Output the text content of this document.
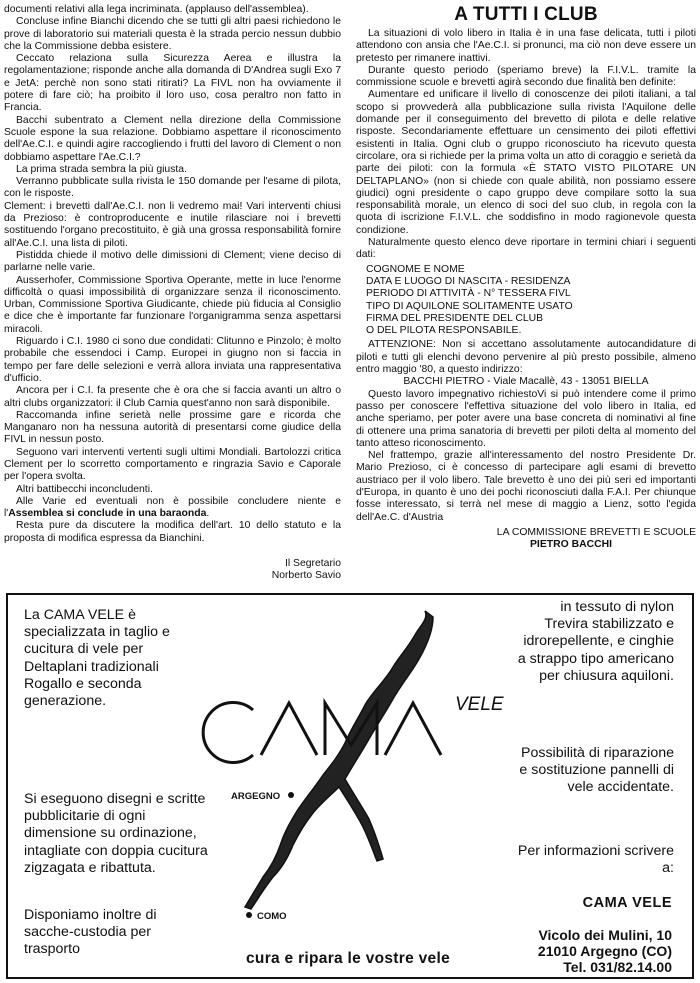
documenti relativi alla lega incriminata. (applauso dell'assemblea).

Concluse infine Bianchi dicendo che se tutti gli altri paesi richiedono le prove di laboratorio sui materiali questa è la strada percio nessun dubbio che la Commissione debba esistere.

Ceccato relaziona sulla Sicurezza Aerea e illustra la regolamentazione; risponde anche alla domanda di D'Andrea sugli Exo 7 e JetA: perchè non sono stati ritirati? La FIVL non ha ovviamente il potere di fare ciò; ha proibito il loro uso, cosa peraltro non fatto in Francia.

Bacchi subentrato a Clement nella direzione della Commissione Scuole espone la sua relazione. Dobbiamo aspettare il riconoscimento dell'Ae.C.I. e quindi agire raccogliendo i frutti del lavoro di Clement o non dobbiamo aspettare l'Ae.C.I.?

La prima strada sembra la più giusta.

Verranno pubblicate sulla rivista le 150 domande per l'esame di pilota, con le risposte.

Clement: i brevetti dall'Ae.C.I. non li vedremo mai! Vari interventi chiusi da Prezioso: è controproducente e inutile rilasciare noi i brevetti sostituendo l'organo precostituito, è già una grossa responsabilità fornire all'Ae.C.I. una lista di piloti.

Pistidda chiede il motivo delle dimissioni di Clement; viene deciso di parlarne nelle varie.

Ausserhofer, Commissione Sportiva Operante, mette in luce l'enorme difficoltà o quasi impossibilità di organizzare senza il riconoscimento. Urban, Commissione Sportiva Giudicante, chiede più fiducia al Consiglio e dice che è importante far funzionare l'organigramma senza aspettarsi miracoli.

Riguardo i C.I. 1980 ci sono due condidati: Clitunno e Pinzolo; è molto probabile che essendoci i Camp. Europei in giugno non si faccia in tempo per fare delle selezioni e verrà allora inviata una rappresentativa d'ufficio.

Ancora per i C.I. fa presente che è ora che si faccia avanti un altro o altri clubs organizzatori: il Club Carnia quest'anno non sarà disponibile.

Raccomanda infine serietà nelle prossime gare e ricorda che Manganaro non ha nessuna autorità di presentarsi come giudice della FIVL in nessun posto.

Seguono vari interventi vertenti sugli ultimi Mondiali. Bartolozzi critica Clement per lo scorretto comportamento e ringrazia Savio e Caporale per l'opera svolta.

Altri battibecchi inconcludenti.

Alle Varie ed eventuali non è possibile concludere niente e l'Assemblea si conclude in una baraonda.

Resta pure da discutere la modifica dell'art. 10 dello statuto e la proposta di modifica espressa da Bianchini.

Il Segretario

Norberto Savio

A TUTTI I CLUB

La situazioni di volo libero in Italia è in una fase delicata, tutti i piloti attendono con ansia che l'Ae.C.I. si pronunci, ma ciò non deve essere un pretesto per rimanere inattivi.

Durante questo periodo (speriamo breve) la F.I.V.L. tramite la commissione scuole e brevetti agirà secondo due finalità ben definite:

Aumentare ed unificare il livello di conoscenze dei piloti italiani, a tal scopo si provvederà alla pubblicazione sulla rivista l'Aquilone delle domande per il conseguimento del brevetto di pilota e delle relative risposte. Secondariamente effettuare un censimento dei piloti effettivi esistenti in Italia. Ogni club o gruppo riconosciuto ha ricevuto questa circolare, ora si richiede per la prima volta un atto di coraggio e serietà da parte dei piloti: con la formula «È STATO VISTO PILOTARE UN DELTAPLANO» (non si chiede con quale abilità, non possiamo essere giudici) ogni presidente o capo gruppo deve compilare sotto la sua responsabilità morale, un elenco di soci del suo club, in regola con la quota di iscrizione F.I.V.L. che soddisfino in modo ragionevole questa condizione.

Naturalmente questo elenco deve riportare in termini chiari i seguenti dati:

COGNOME E NOME
DATA E LUOGO DI NASCITA - RESIDENZA
PERIODO DI ATTIVITÀ - N° TESSERA FIVL
TIPO DI AQUILONE SOLITAMENTE USATO
FIRMA DEL PRESIDENTE DEL CLUB
O DEL PILOTA RESPONSABILE.

ATTENZIONE: Non si accettano assolutamente autocandidature di piloti e tutti gli elenchi devono pervenire al più presto possibile, almeno entro maggio '80, a questo indirizzo:

BACCHI PIETRO - Viale Macallè, 43 - 13051 BIELLA

Questo lavoro impegnativo richiestoVi si può intendere come il primo passo per conoscere l'effettiva situazione del volo libero in Italia, ed anche speriamo, per poter avere una base concreta di nominativi al fine di ottenere una prima sanatoria di brevetti per piloti delta al momento del tanto atteso riconoscimento.

Nel frattempo, grazie all'interessamento del nostro Presidente Dr. Mario Prezioso, ci è concesso di partecipare agli esami di brevetto austriaco per il volo libero. Tale brevetto è uno dei più seri ed importanti d'Europa, in quanto è uno dei pochi riconosciuti dalla F.A.I. Per chiunque fosse interessato, si terrà nel mese di maggio a Lienz, sotto l'egida dell'Ae.C. d'Austria

LA COMMISSIONE BREVETTI E SCUOLE

PIETRO BACCHI

La CAMA VELE è specializzata in taglio e cucitura di vele per Deltaplani tradizionali Rogallo e seconda generazione.
Si eseguono disegni e scritte pubblicitarie di ogni dimensione su ordinazione, intagliate con doppia cucitura zigzagata e ribattuta.
Disponiamo inoltre di sacche-custodia per trasporto
VELE
ARGEGNO
COMO
cura e ripara le vostre vele
in tessuto di nylon Trevira stabilizzato e idrorepellente, e cinghie a strappo tipo americano per chiusura aquiloni.
Possibilità di riparazione e sostituzione pannelli di vele accidentate.
Per informazioni scrivere a:
CAMA VELE
Vicolo dei Mulini, 10
21010 Argegno (CO)
Tel. 031/82.14.00
